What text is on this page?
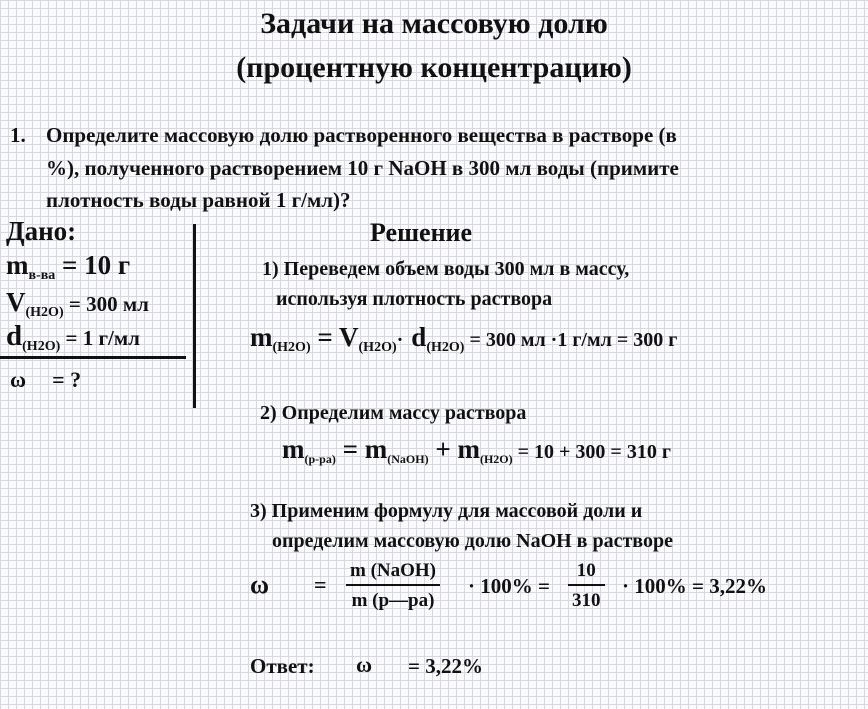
Задачи на массовую долю
(процентную концентрацию)
1. Определите массовую долю растворенного вещества в растворе (в
%), полученного растворением 10 г NaOH в 300 мл воды (примите
плотность воды равной 1 г/мл)?
Дано:
$m_{в-ва} = 10$ г
$V_{(H2O)} = 300$ мл
$d_{(H2O)} = 1$ г/мл
ω = ?
Решение
1) Переведем объем воды 300 мл в массу,
используя плотность раствора
$m_{(H2O)} = V_{(H2O)}\cdot d_{(H2O)} = 300$ мл ·1 г/мл = 300 г
2) Определим массу раствора
$m_{(р-ра)} = m_{(NaOH)} + m_{(H2O)} = 10 + 300 = 310$ г
3) Применим формулу для массовой доли и
определим массовую долю NaOH в растворе
ω =
m (NaOH)
m (р—ра)
· $100\% = \frac{10}{310} \cdot 100\% = 3,22\%$
Ответ: ω = 3,22%
